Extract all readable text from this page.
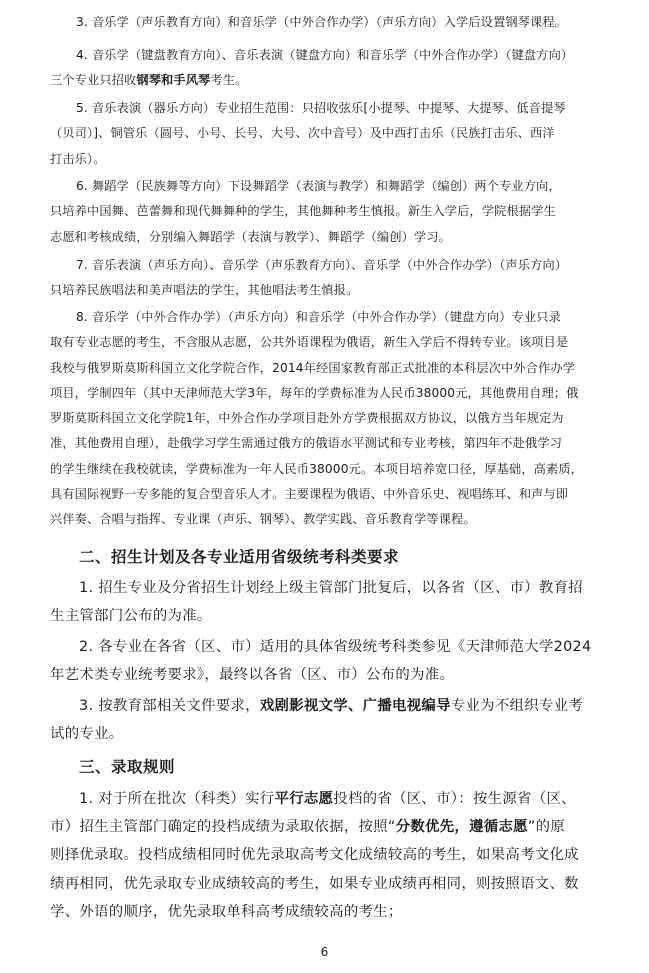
3. 音乐学（声乐教育方向）和音乐学（中外合作办学）（声乐方向）入学后设置钢琴课程。

4. 音乐学（键盘教育方向）、音乐表演（键盘方向）和音乐学（中外合作办学）（键盘方向）

三个专业只招收钢琴和手风琴考生。

5. 音乐表演（器乐方向）专业招生范围：只招收弦乐[小提琴、中提琴、大提琴、低音提琴

（贝司）]、铜管乐（圆号、小号、长号、大号、次中音号）及中西打击乐（民族打击乐、西洋

打击乐）。

6. 舞蹈学（民族舞等方向）下设舞蹈学（表演与教学）和舞蹈学（编创）两个专业方向，

只培养中国舞、芭蕾舞和现代舞舞种的学生，其他舞种考生慎报。新生入学后，学院根据学生

志愿和考核成绩，分别编入舞蹈学（表演与教学）、舞蹈学（编创）学习。

7. 音乐表演（声乐方向）、音乐学（声乐教育方向）、音乐学（中外合作办学）（声乐方向）

只培养民族唱法和美声唱法的学生，其他唱法考生慎报。

8. 音乐学（中外合作办学）（声乐方向）和音乐学（中外合作办学）（键盘方向）专业只录

取有专业志愿的考生，不含服从志愿，公共外语课程为俄语，新生入学后不得转专业。该项目是

我校与俄罗斯莫斯科国立文化学院合作，2014年经国家教育部正式批准的本科层次中外合作办学

项目，学制四年（其中天津师范大学3年，每年的学费标准为人民币38000元，其他费用自理；俄

罗斯莫斯科国立文化学院1年，中外合作办学项目赴外方学费根据双方协议，以俄方当年规定为

准，其他费用自理），赴俄学习学生需通过俄方的俄语水平测试和专业考核，第四年不赴俄学习

的学生继续在我校就读，学费标准为一年人民币38000元。本项目培养宽口径，厚基础，高素质，

具有国际视野一专多能的复合型音乐人才。主要课程为俄语、中外音乐史、视唱练耳、和声与即

兴伴奏、合唱与指挥、专业课（声乐、钢琴）、教学实践、音乐教育学等课程。

二、招生计划及各专业适用省级统考科类要求

1. 招生专业及分省招生计划经上级主管部门批复后，以各省（区、市）教育招

生主管部门公布的为准。

2. 各专业在各省（区、市）适用的具体省级统考科类参见《天津师范大学2024

年艺术类专业统考要求》，最终以各省（区、市）公布的为准。

3. 按教育部相关文件要求，戏剧影视文学、广播电视编导专业为不组织专业考

试的专业。

三、录取规则

1. 对于所在批次（科类）实行平行志愿投档的省（区、市）：按生源省（区、

市）招生主管部门确定的投档成绩为录取依据，按照“分数优先，遵循志愿”的原

则择优录取。投档成绩相同时优先录取高考文化成绩较高的考生，如果高考文化成

绩再相同，优先录取专业成绩较高的考生，如果专业成绩再相同，则按照语文、数

学、外语的顺序，优先录取单科高考成绩较高的考生；

6
